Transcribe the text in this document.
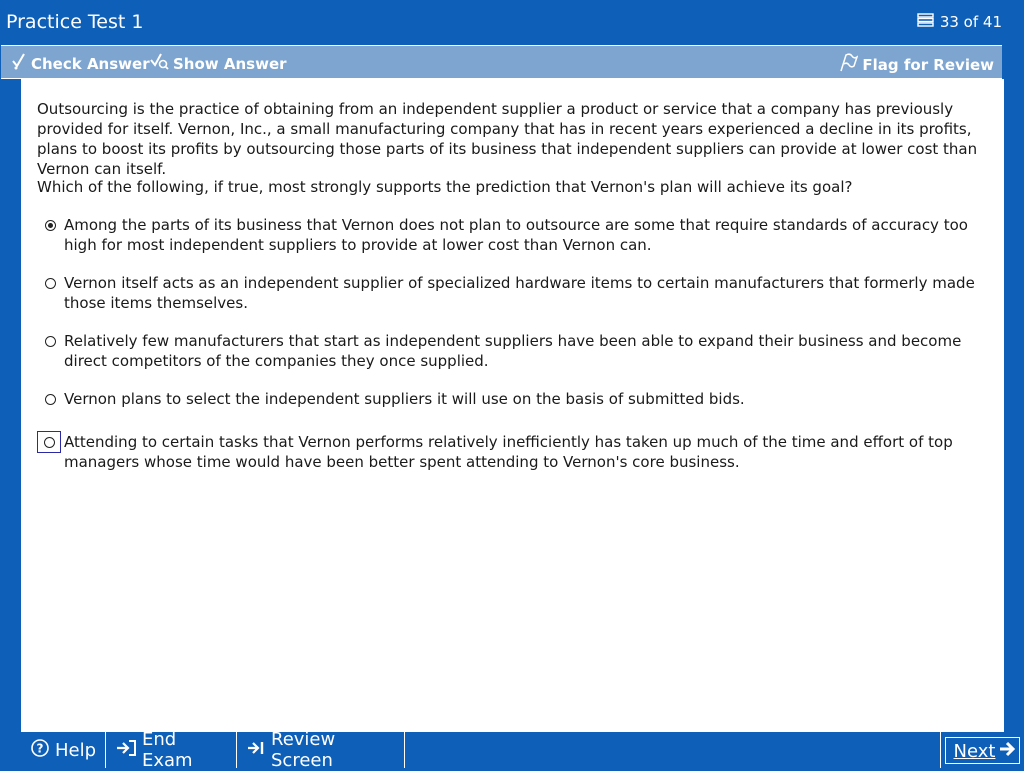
Practice Test 1	33 of 41
Check Answer Show Answer	Flag for Review

Outsourcing is the practice of obtaining from an independent supplier a product or service that a company has previously provided for itself. Vernon, Inc., a small manufacturing company that has in recent years experienced a decline in its profits, plans to boost its profits by outsourcing those parts of its business that independent suppliers can provide at lower cost than Vernon can itself.

Which of the following, if true, most strongly supports the prediction that Vernon's plan will achieve its goal?

Among the parts of its business that Vernon does not plan to outsource are some that require standards of accuracy too high for most independent suppliers to provide at lower cost than Vernon can.
Vernon itself acts as an independent supplier of specialized hardware items to certain manufacturers that formerly made those items themselves.
Relatively few manufacturers that start as independent suppliers have been able to expand their business and become direct competitors of the companies they once supplied.
Vernon plans to select the independent suppliers it will use on the basis of submitted bids.
Attending to certain tasks that Vernon performs relatively inefficiently has taken up much of the time and effort of top managers whose time would have been better spent attending to Vernon's core business.
? Help	End Exam
Review Screen	Next
